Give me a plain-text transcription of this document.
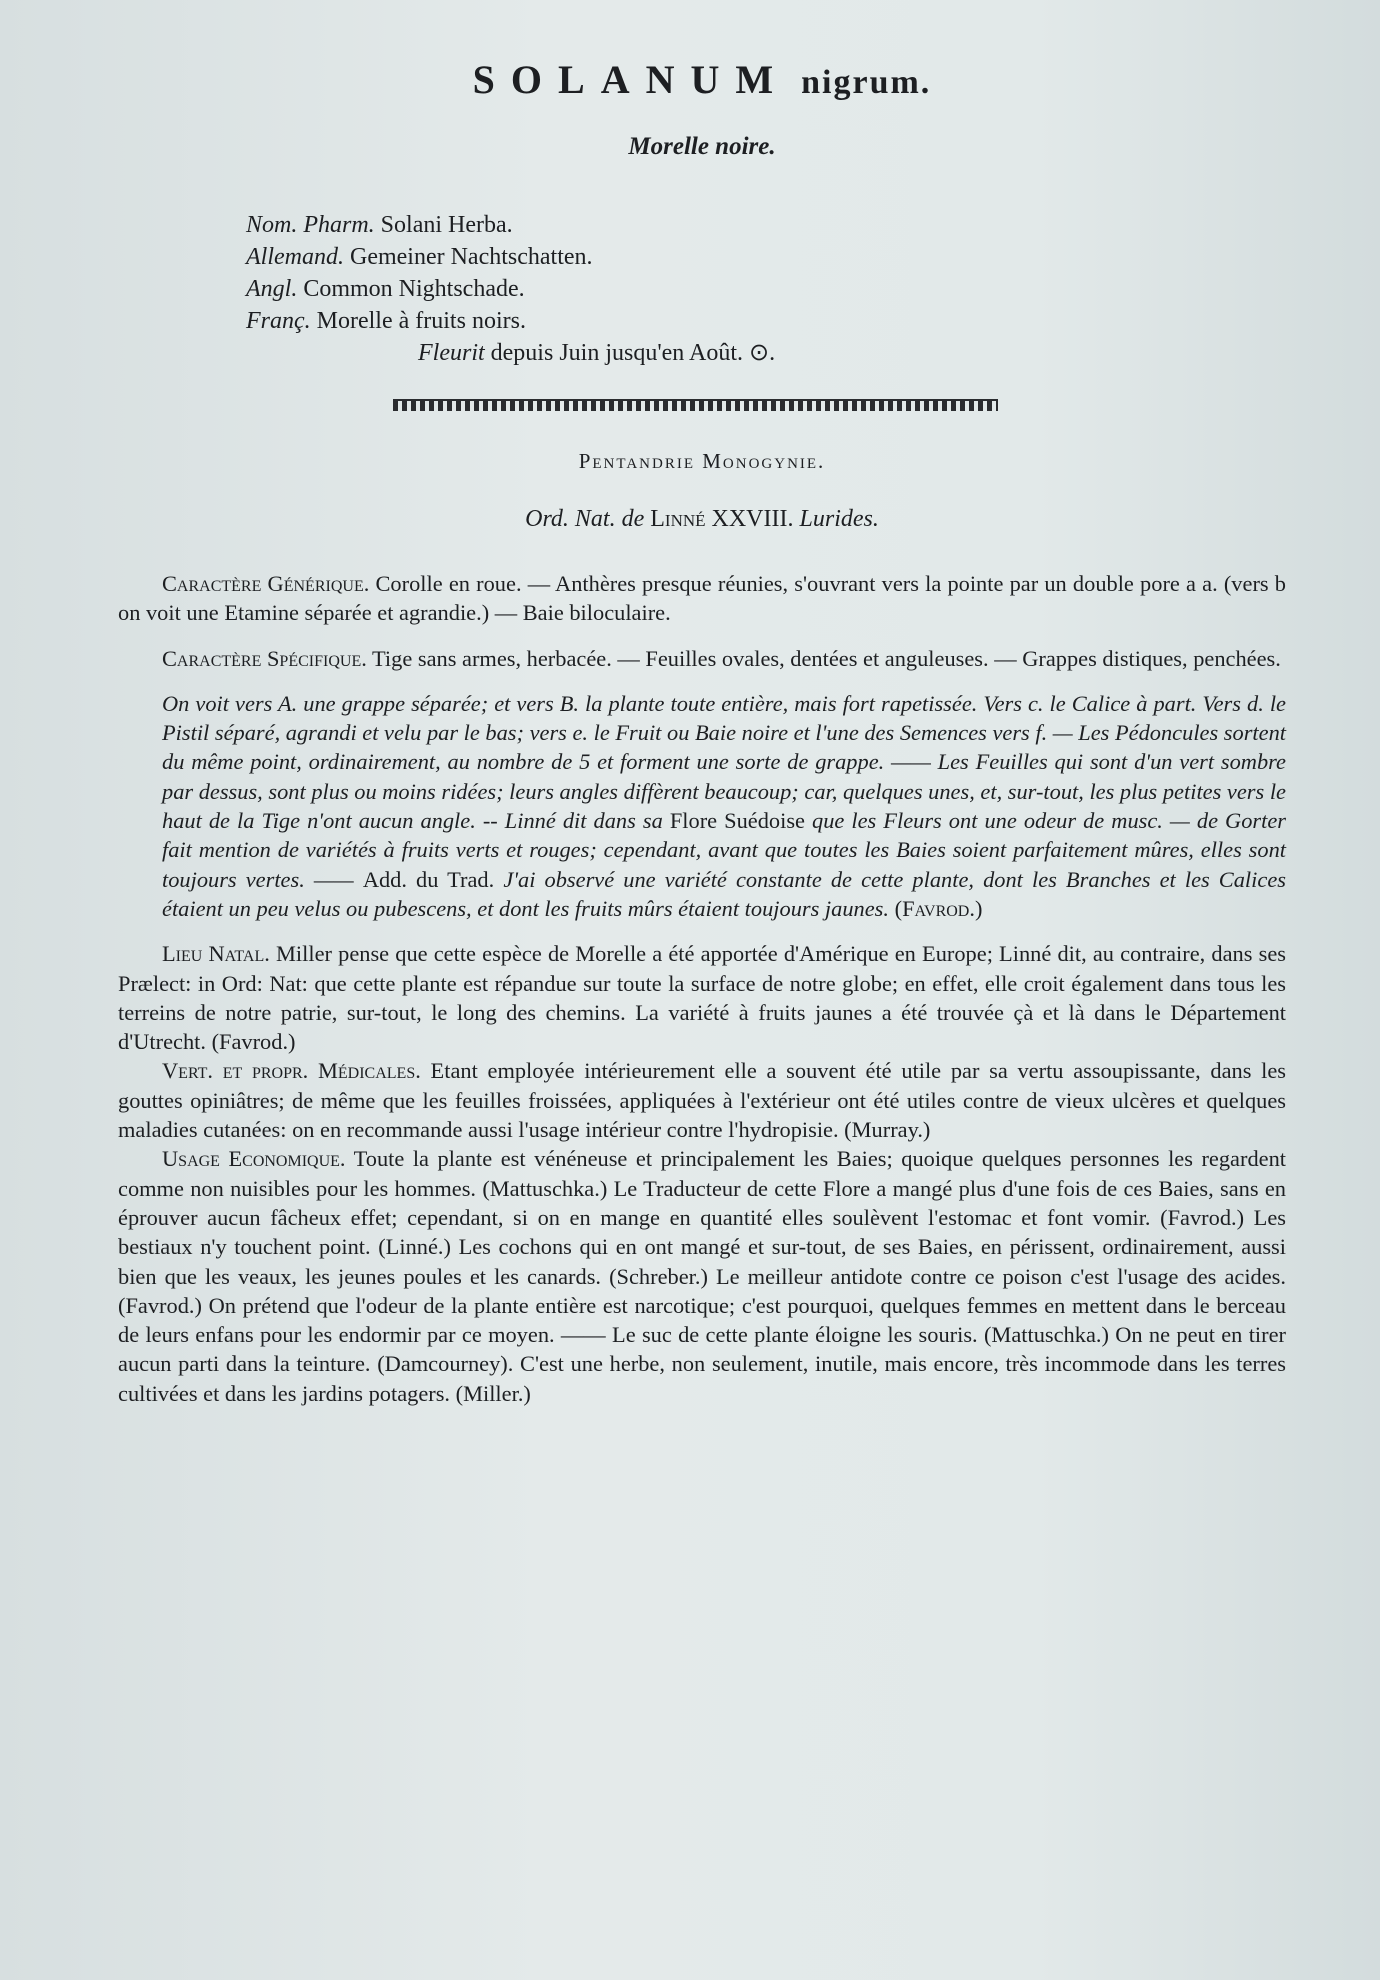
SOLANUM nigrum.
Morelle noire.
Nom. Pharm. Solani Herba.
Allemand. Gemeiner Nachtschatten.
Angl. Common Nightschade.
Franç. Morelle à fruits noirs.
Fleurit depuis Juin jusqu'en Août. ⊙.
Pentandrie Monogynie.
Ord. Nat. de Linné XXVIII. Lurides.

Caractère Générique. Corolle en roue. — Anthères presque réunies, s'ouvrant vers la pointe par un double pore a a. (vers b on voit une Etamine séparée et agrandie.) — Baie biloculaire.

Caractère Spécifique. Tige sans armes, herbacée. — Feuilles ovales, dentées et anguleuses. — Grappes distiques, penchées.

On voit vers A. une grappe séparée; et vers B. la plante toute entière, mais fort rapetissée. Vers c. le Calice à part. Vers d. le Pistil séparé, agrandi et velu par le bas; vers e. le Fruit ou Baie noire et l'une des Semences vers f. — Les Pédoncules sortent du même point, ordinairement, au nombre de 5 et forment une sorte de grappe. —— Les Feuilles qui sont d'un vert sombre par dessus, sont plus ou moins ridées; leurs angles diffèrent beaucoup; car, quelques unes, et, sur-tout, les plus petites vers le haut de la Tige n'ont aucun angle. -- Linné dit dans sa Flore Suédoise que les Fleurs ont une odeur de musc. — de Gorter fait mention de variétés à fruits verts et rouges; cependant, avant que toutes les Baies soient parfaitement mûres, elles sont toujours vertes. —— Add. du Trad. J'ai observé une variété constante de cette plante, dont les Branches et les Calices étaient un peu velus ou pubescens, et dont les fruits mûrs étaient toujours jaunes. (Favrod.)

Lieu Natal. Miller pense que cette espèce de Morelle a été apportée d'Amérique en Europe; Linné dit, au contraire, dans ses Prælect: in Ord: Nat: que cette plante est répandue sur toute la surface de notre globe; en effet, elle croit également dans tous les terreins de notre patrie, sur-tout, le long des chemins. La variété à fruits jaunes a été trouvée çà et là dans le Département d'Utrecht. (Favrod.)

Vert. et propr. Médicales. Etant employée intérieurement elle a souvent été utile par sa vertu assoupissante, dans les gouttes opiniâtres; de même que les feuilles froissées, appliquées à l'extérieur ont été utiles contre de vieux ulcères et quelques maladies cutanées: on en recommande aussi l'usage intérieur contre l'hydropisie. (Murray.)

Usage Economique. Toute la plante est vénéneuse et principalement les Baies; quoique quelques personnes les regardent comme non nuisibles pour les hommes. (Mattuschka.) Le Traducteur de cette Flore a mangé plus d'une fois de ces Baies, sans en éprouver aucun fâcheux effet; cependant, si on en mange en quantité elles soulèvent l'estomac et font vomir. (Favrod.) Les bestiaux n'y touchent point. (Linné.) Les cochons qui en ont mangé et sur-tout, de ses Baies, en périssent, ordinairement, aussi bien que les veaux, les jeunes poules et les canards. (Schreber.) Le meilleur antidote contre ce poison c'est l'usage des acides. (Favrod.) On prétend que l'odeur de la plante entière est narcotique; c'est pourquoi, quelques femmes en mettent dans le berceau de leurs enfans pour les endormir par ce moyen. —— Le suc de cette plante éloigne les souris. (Mattuschka.) On ne peut en tirer aucun parti dans la teinture. (Damcourney). C'est une herbe, non seulement, inutile, mais encore, très incommode dans les terres cultivées et dans les jardins potagers. (Miller.)
